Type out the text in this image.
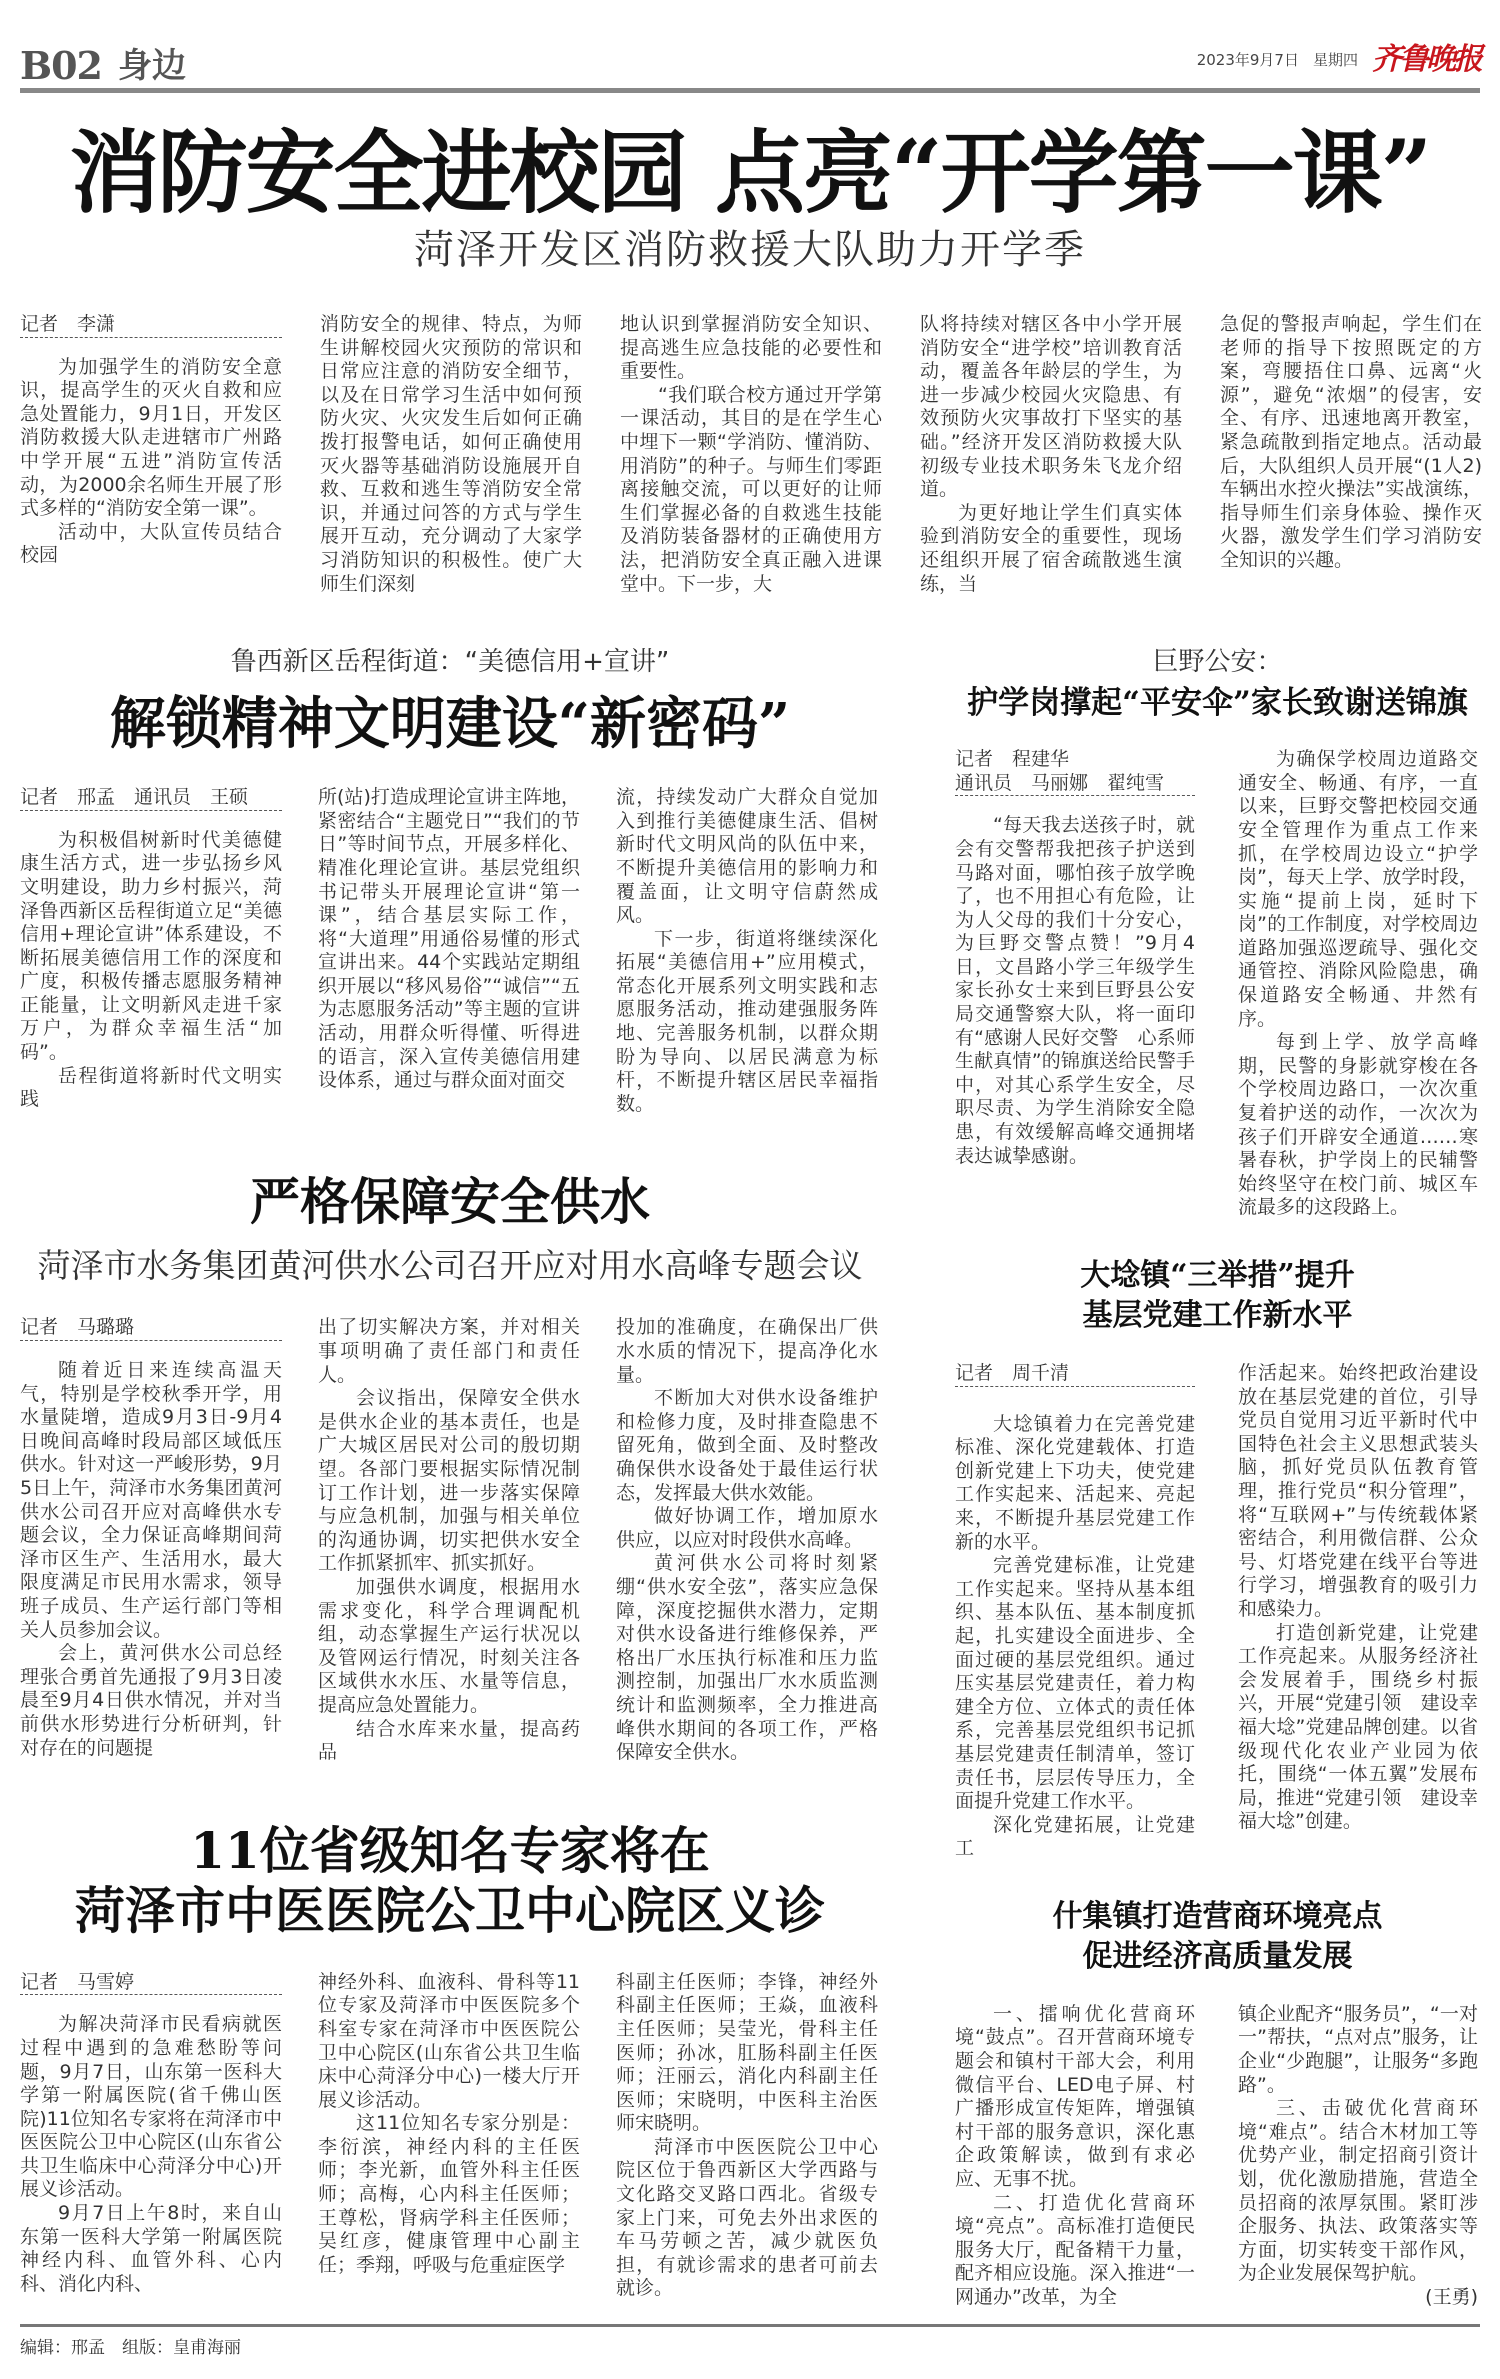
B02 身边	2023年9月7日 星期四 齐鲁晚报
消防安全进校园 点亮“开学第一课”
菏泽开发区消防救援大队助力开学季
记者　李潇

为加强学生的消防安全意识，提高学生的灭火自救和应急处置能力，9月1日，开发区消防救援大队走进辖市广州路中学开展“五进”消防宣传活动，为2000余名师生开展了形式多样的“消防安全第一课”。

活动中，大队宣传员结合校园

消防安全的规律、特点，为师生讲解校园火灾预防的常识和日常应注意的消防安全细节，以及在日常学习生活中如何预防火灾、火灾发生后如何正确拨打报警电话，如何正确使用灭火器等基础消防设施展开自救、互救和逃生等消防安全常识，并通过问答的方式与学生展开互动，充分调动了大家学习消防知识的积极性。使广大师生们深刻

地认识到掌握消防安全知识、提高逃生应急技能的必要性和重要性。

“我们联合校方通过开学第一课活动，其目的是在学生心中埋下一颗“学消防、懂消防、用消防”的种子。与师生们零距离接触交流，可以更好的让师生们掌握必备的自救逃生技能及消防装备器材的正确使用方法，把消防安全真正融入进课堂中。下一步，大

队将持续对辖区各中小学开展消防安全“进学校”培训教育活动，覆盖各年龄层的学生，为进一步减少校园火灾隐患、有效预防火灾事故打下坚实的基础。”经济开发区消防救援大队初级专业技术职务朱飞龙介绍道。

为更好地让学生们真实体验到消防安全的重要性，现场还组织开展了宿舍疏散逃生演练，当

急促的警报声响起，学生们在老师的指导下按照既定的方案，弯腰捂住口鼻、远离“火源”，避免“浓烟”的侵害，安全、有序、迅速地离开教室，紧急疏散到指定地点。活动最后，大队组织人员开展“(1人2)车辆出水控火操法”实战演练，指导师生们亲身体验、操作灭火器，激发学生们学习消防安全知识的兴趣。

鲁西新区岳程街道：“美德信用+宣讲”
解锁精神文明建设“新密码”
记者　邢孟　通讯员　王硕

为积极倡树新时代美德健康生活方式，进一步弘扬乡风文明建设，助力乡村振兴，菏泽鲁西新区岳程街道立足“美德信用+理论宣讲”体系建设，不断拓展美德信用工作的深度和广度，积极传播志愿服务精神正能量，让文明新风走进千家万户，为群众幸福生活“加码”。

岳程街道将新时代文明实践

所(站)打造成理论宣讲主阵地，紧密结合“主题党日”“我们的节日”等时间节点，开展多样化、精准化理论宣讲。基层党组织书记带头开展理论宣讲“第一课”，结合基层实际工作，将“大道理”用通俗易懂的形式宣讲出来。44个实践站定期组织开展以“移风易俗”“诚信”“五为志愿服务活动”等主题的宣讲活动，用群众听得懂、听得进的语言，深入宣传美德信用建设体系，通过与群众面对面交

流，持续发动广大群众自觉加入到推行美德健康生活、倡树新时代文明风尚的队伍中来，不断提升美德信用的影响力和覆盖面，让文明守信蔚然成风。

下一步，街道将继续深化拓展“美德信用+”应用模式，常态化开展系列文明实践和志愿服务活动，推动建强服务阵地、完善服务机制，以群众期盼为导向、以居民满意为标杆，不断提升辖区居民幸福指数。

严格保障安全供水
菏泽市水务集团黄河供水公司召开应对用水高峰专题会议
记者　马璐璐

随着近日来连续高温天气，特别是学校秋季开学，用水量陡增，造成9月3日-9月4日晚间高峰时段局部区域低压供水。针对这一严峻形势，9月5日上午，菏泽市水务集团黄河供水公司召开应对高峰供水专题会议，全力保证高峰期间菏泽市区生产、生活用水，最大限度满足市民用水需求，领导班子成员、生产运行部门等相关人员参加会议。

会上，黄河供水公司总经理张合勇首先通报了9月3日凌晨至9月4日供水情况，并对当前供水形势进行分析研判，针对存在的问题提

出了切实解决方案，并对相关事项明确了责任部门和责任人。

会议指出，保障安全供水是供水企业的基本责任，也是广大城区居民对公司的殷切期望。各部门要根据实际情况制订工作计划，进一步落实保障与应急机制，加强与相关单位的沟通协调，切实把供水安全工作抓紧抓牢、抓实抓好。

加强供水调度，根据用水需求变化，科学合理调配机组，动态掌握生产运行状况以及管网运行情况，时刻关注各区域供水水压、水量等信息，提高应急处置能力。

结合水库来水量，提高药品

投加的准确度，在确保出厂供水水质的情况下，提高净化水量。

不断加大对供水设备维护和检修力度，及时排查隐患不留死角，做到全面、及时整改确保供水设备处于最佳运行状态，发挥最大供水效能。

做好协调工作，增加原水供应，以应对时段供水高峰。

黄河供水公司将时刻紧绷“供水安全弦”，落实应急保障，深度挖掘供水潜力，定期对供水设备进行维修保养，严格出厂水压执行标准和压力监测控制，加强出厂水水质监测统计和监测频率，全力推进高峰供水期间的各项工作，严格保障安全供水。

11位省级知名专家将在
菏泽市中医医院公卫中心院区义诊
记者　马雪婷

为解决菏泽市民看病就医过程中遇到的急难愁盼等问题，9月7日，山东第一医科大学第一附属医院(省千佛山医院)11位知名专家将在菏泽市中医医院公卫中心院区(山东省公共卫生临床中心菏泽分中心)开展义诊活动。

9月7日上午8时，来自山东第一医科大学第一附属医院神经内科、血管外科、心内科、消化内科、

神经外科、血液科、骨科等11位专家及菏泽市中医医院多个科室专家在菏泽市中医医院公卫中心院区(山东省公共卫生临床中心菏泽分中心)一楼大厅开展义诊活动。

这11位知名专家分别是：李衍滨，神经内科的主任医师；李光新，血管外科主任医师；高梅，心内科主任医师；王尊松，肾病学科主任医师；吴红彦，健康管理中心副主任；季翔，呼吸与危重症医学

科副主任医师；李锋，神经外科副主任医师；王焱，血液科主任医师；吴莹光，骨科主任医师；孙冰，肛肠科副主任医师；汪丽云，消化内科副主任医师；宋晓明，中医科主治医师宋晓明。

菏泽市中医医院公卫中心院区位于鲁西新区大学西路与文化路交叉路口西北。省级专家上门来，可免去外出求医的车马劳顿之苦，减少就医负担，有就诊需求的患者可前去就诊。

巨野公安：
护学岗撑起“平安伞”家长致谢送锦旗
记者　程建华
通讯员　马丽娜　翟纯雪

“每天我去送孩子时，就会有交警帮我把孩子护送到马路对面，哪怕孩子放学晚了，也不用担心有危险，让为人父母的我们十分安心，为巨野交警点赞！”9月4日，文昌路小学三年级学生家长孙女士来到巨野县公安局交通警察大队，将一面印有“感谢人民好交警　心系师生献真情”的锦旗送给民警手中，对其心系学生安全，尽职尽责、为学生消除安全隐患，有效缓解高峰交通拥堵表达诚挚感谢。

为确保学校周边道路交通安全、畅通、有序，一直以来，巨野交警把校园交通安全管理作为重点工作来抓，在学校周边设立“护学岗”，每天上学、放学时段，实施“提前上岗，延时下岗”的工作制度，对学校周边道路加强巡逻疏导、强化交通管控、消除风险隐患，确保道路安全畅通、井然有序。

每到上学、放学高峰期，民警的身影就穿梭在各个学校周边路口，一次次重复着护送的动作，一次次为孩子们开辟安全通道……寒暑春秋，护学岗上的民辅警始终坚守在校门前、城区车流最多的这段路上。

大埝镇“三举措”提升
基层党建工作新水平
记者　周千清

大埝镇着力在完善党建标准、深化党建载体、打造创新党建上下功夫，使党建工作实起来、活起来、亮起来，不断提升基层党建工作新的水平。

完善党建标准，让党建工作实起来。坚持从基本组织、基本队伍、基本制度抓起，扎实建设全面进步、全面过硬的基层党组织。通过压实基层党建责任，着力构建全方位、立体式的责任体系，完善基层党组织书记抓基层党建责任制清单，签订责任书，层层传导压力，全面提升党建工作水平。

深化党建拓展，让党建工

作活起来。始终把政治建设放在基层党建的首位，引导党员自觉用习近平新时代中国特色社会主义思想武装头脑，抓好党员队伍教育管理，推行党员“积分管理”，将“互联网+”与传统载体紧密结合，利用微信群、公众号、灯塔党建在线平台等进行学习，增强教育的吸引力和感染力。

打造创新党建，让党建工作亮起来。从服务经济社会发展着手，围绕乡村振兴，开展“党建引领　建设幸福大埝”党建品牌创建。以省级现代化农业产业园为依托，围绕“一体五翼”发展布局，推进“党建引领　建设幸福大埝”创建。

什集镇打造营商环境亮点
促进经济高质量发展

一、擂响优化营商环境“鼓点”。召开营商环境专题会和镇村干部大会，利用微信平台、LED电子屏、村广播形成宣传矩阵，增强镇村干部的服务意识，深化惠企政策解读，做到有求必应、无事不扰。

二、打造优化营商环境“亮点”。高标准打造便民服务大厅，配备精干力量，配齐相应设施。深入推进“一网通办”改革，为全

镇企业配齐“服务员”，“一对一”帮扶，“点对点”服务，让企业“少跑腿”，让服务“多跑路”。

三、击破优化营商环境“难点”。结合木材加工等优势产业，制定招商引资计划，优化激励措施，营造全员招商的浓厚氛围。紧盯涉企服务、执法、政策落实等方面，切实转变干部作风，为企业发展保驾护航。

(王勇)
编辑：邢孟　组版：皇甫海丽
